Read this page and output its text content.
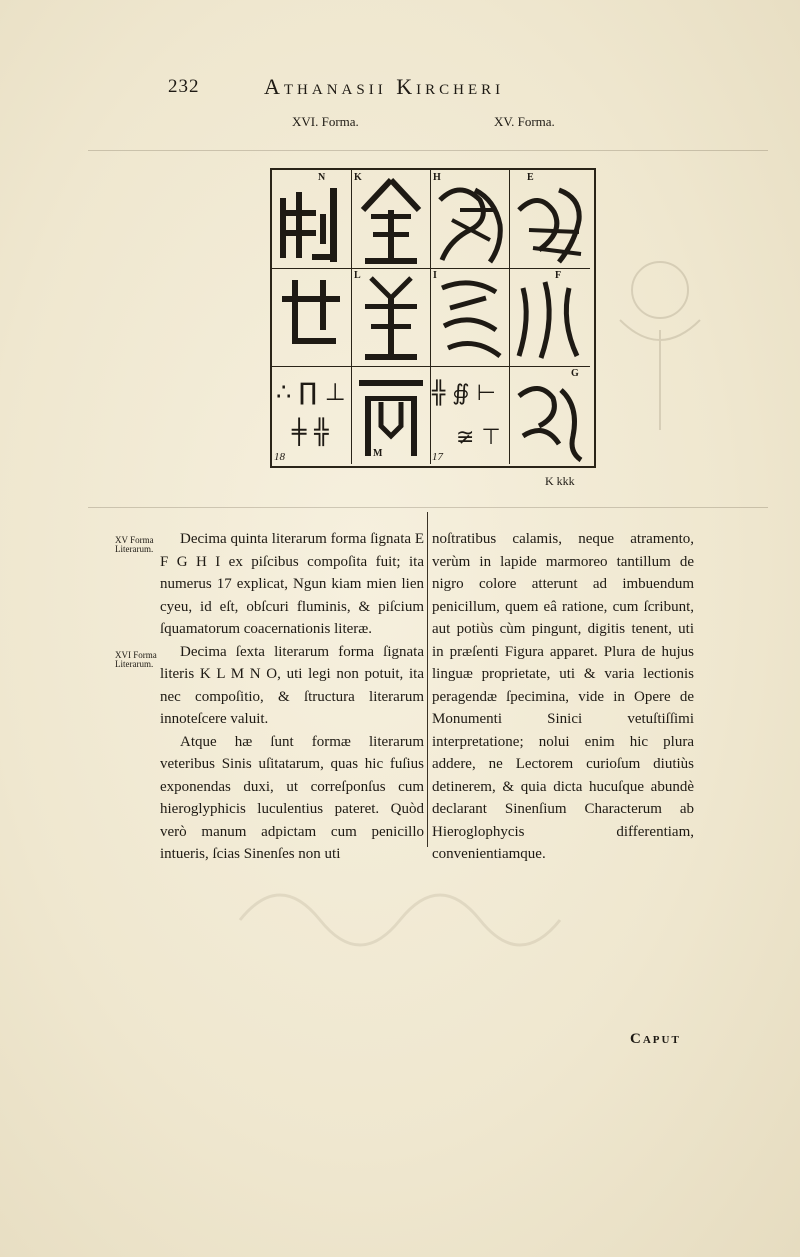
232	Athanasii Kircheri
XVI. Forma.	XV. Forma.
N	K	H	E
L	I	F
∴ ∏ ⊥
╪ ╬
18	M
╬ ∯ ⊢
≆ ⊤
17
G
K kkk
XV Forma Literarum.
XVI Forma Literarum.

Decima quinta literarum forma ſignata E F G H I ex piſcibus compoſita fuit; ita numerus 17 explicat, Ngun kiam mien lien cyeu, id eſt, obſcuri fluminis, & piſcium ſquamatorum coacernationis literæ.

Decima ſexta literarum forma ſignata literis K L M N O, uti legi non potuit, ita nec compoſitio, & ſtructura literarum innoteſcere valuit.

Atque hæ ſunt formæ literarum veteribus Sinis uſitatarum, quas hic fuſius exponendas duxi, ut correſponſus cum hieroglyphicis luculentius pateret. Quòd verò manum adpictam cum penicillo intueris, ſcias Sinenſes non uti

noſtratibus calamis, neque atramento, verùm in lapide marmoreo tantillum de nigro colore atterunt ad imbuendum penicillum, quem eâ ratione, cum ſcribunt, aut potiùs cùm pingunt, digitis tenent, uti in præſenti Figura apparet. Plura de hujus linguæ proprietate, uti & varia lectionis peragendæ ſpecimina, vide in Opere de Monumenti Sinici vetuſtiſſimi interpretatione; nolui enim hic plura addere, ne Lectorem curioſum diutiùs detinerem, & quia dicta hucuſque abundè declarant Sinenſium Characterum ab Hieroglophycis differentiam, convenientiamque.

Caput
